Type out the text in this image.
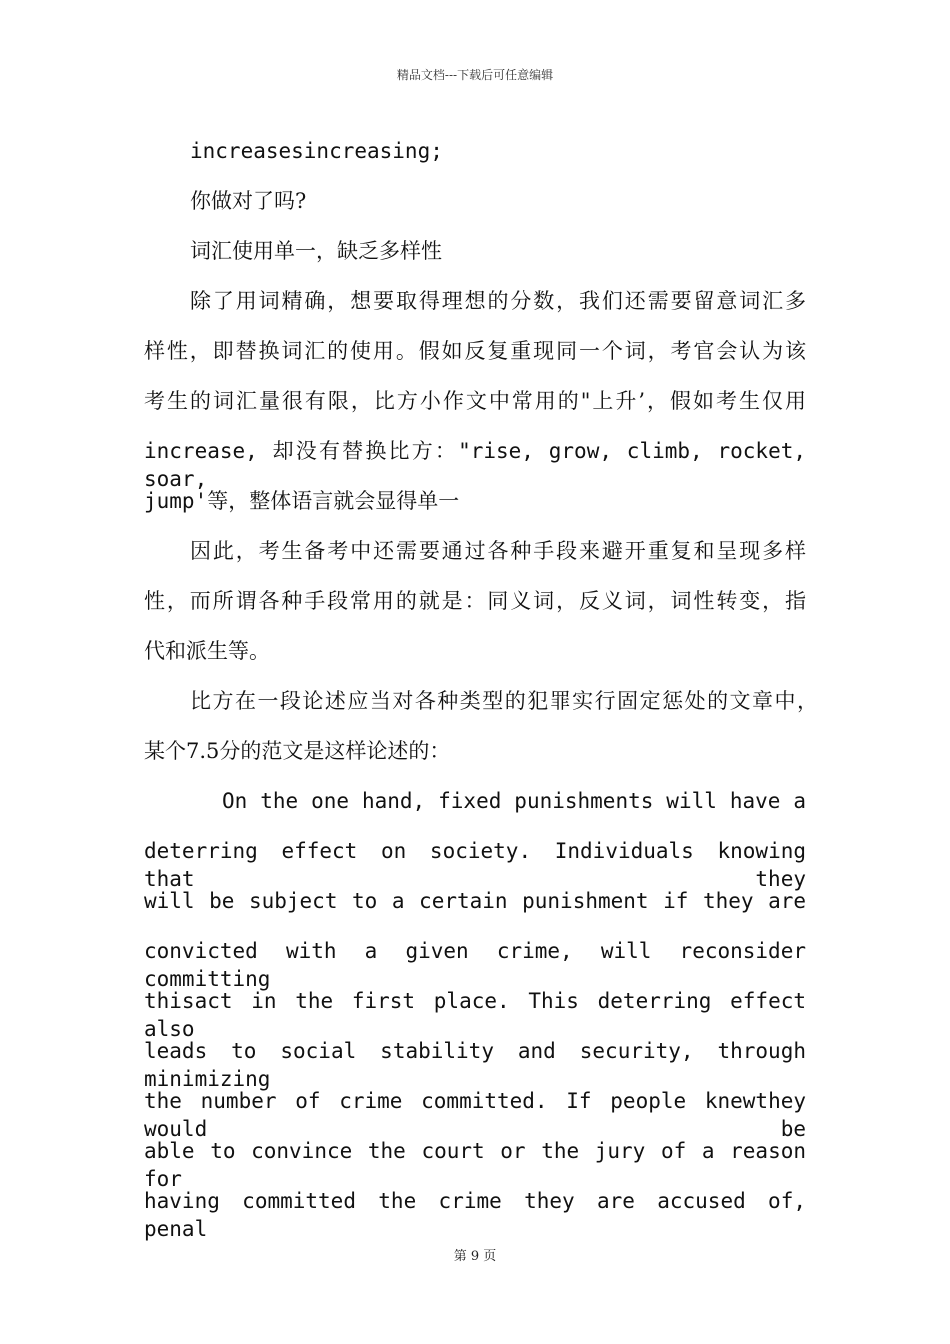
精品文档---下载后可任意编辑
increasesincreasing;
你做对了吗?
词汇使用单一，缺乏多样性
除了用词精确，想要取得理想的分数，我们还需要留意词汇多
样性，即替换词汇的使用。假如反复重现同一个词，考官会认为该
考生的词汇量很有限，比方小作文中常用的"上升’，假如考生仅用
increase, 却没有替换比方："rise, grow, climb, rocket, soar,
jump'等，整体语言就会显得单一
因此，考生备考中还需要通过各种手段来避开重复和呈现多样
性，而所谓各种手段常用的就是：同义词，反义词，词性转变，指
代和派生等。
比方在一段论述应当对各种类型的犯罪实行固定惩处的文章中，
某个7.5分的范文是这样论述的：
On the one hand, fixed punishments will have a
deterring effect on society. Individuals knowing that they
will be subject to a certain punishment if they are
convicted with a given crime, will reconsider committing
thisact in the first place. This deterring effect also
leads to social stability and security, through minimizing
the number of crime committed. If people knewthey would be
able to convince the court or the jury of a reason for
having committed the crime they are accused of, penal
第 9 页
